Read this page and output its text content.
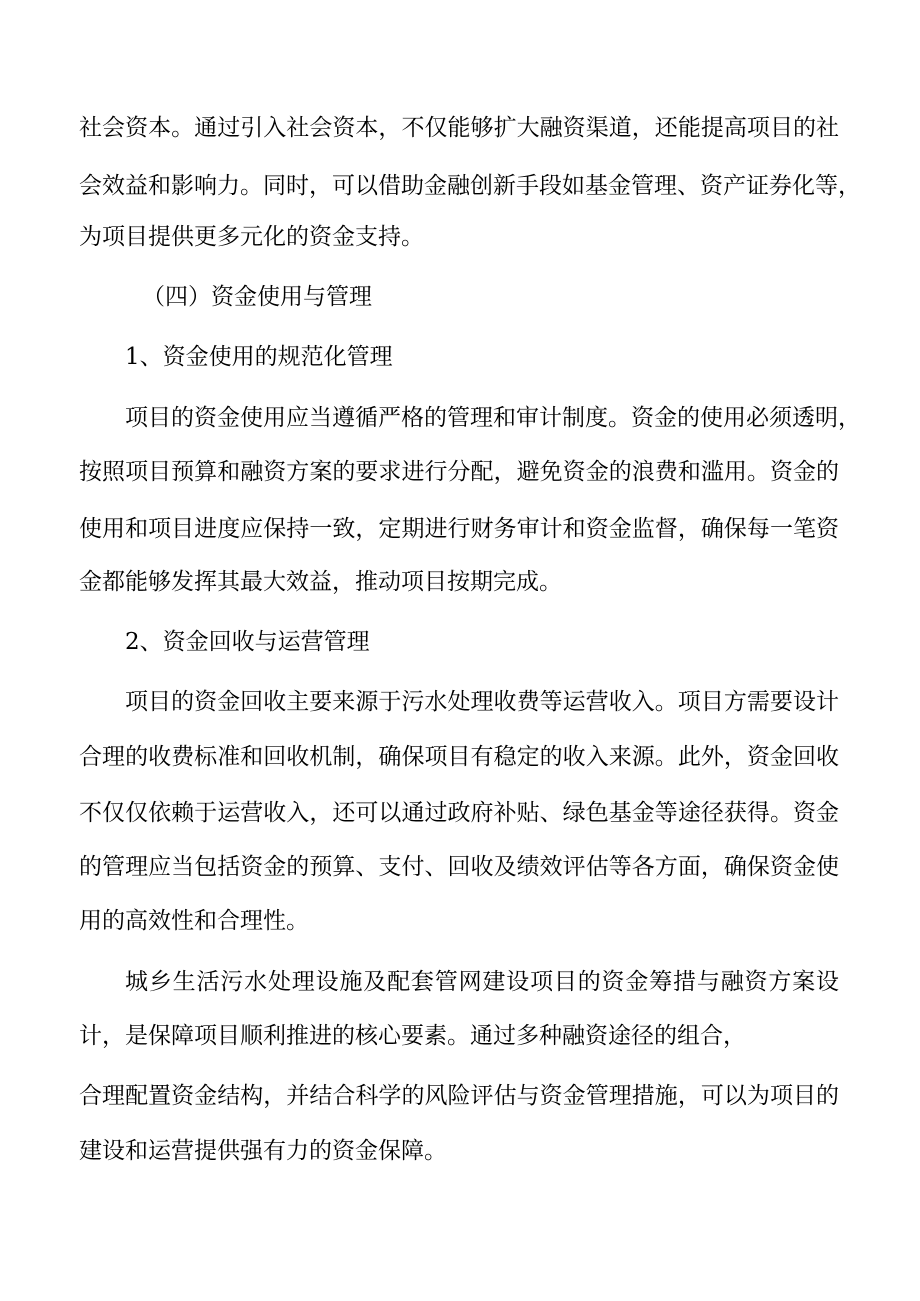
社会资本。通过引入社会资本，不仅能够扩大融资渠道，还能提高项目的社
会效益和影响力。同时，可以借助金融创新手段如基金管理、资产证券化等，
为项目提供更多元化的资金支持。
（四）资金使用与管理
1、资金使用的规范化管理
项目的资金使用应当遵循严格的管理和审计制度。资金的使用必须透明，
按照项目预算和融资方案的要求进行分配，避免资金的浪费和滥用。资金的
使用和项目进度应保持一致，定期进行财务审计和资金监督，确保每一笔资
金都能够发挥其最大效益，推动项目按期完成。
2、资金回收与运营管理
项目的资金回收主要来源于污水处理收费等运营收入。项目方需要设计
合理的收费标准和回收机制，确保项目有稳定的收入来源。此外，资金回收
不仅仅依赖于运营收入，还可以通过政府补贴、绿色基金等途径获得。资金
的管理应当包括资金的预算、支付、回收及绩效评估等各方面，确保资金使
用的高效性和合理性。
城乡生活污水处理设施及配套管网建设项目的资金筹措与融资方案设
计，是保障项目顺利推进的核心要素。通过多种融资途径的组合，
合理配置资金结构，并结合科学的风险评估与资金管理措施，可以为项目的
建设和运营提供强有力的资金保障。
